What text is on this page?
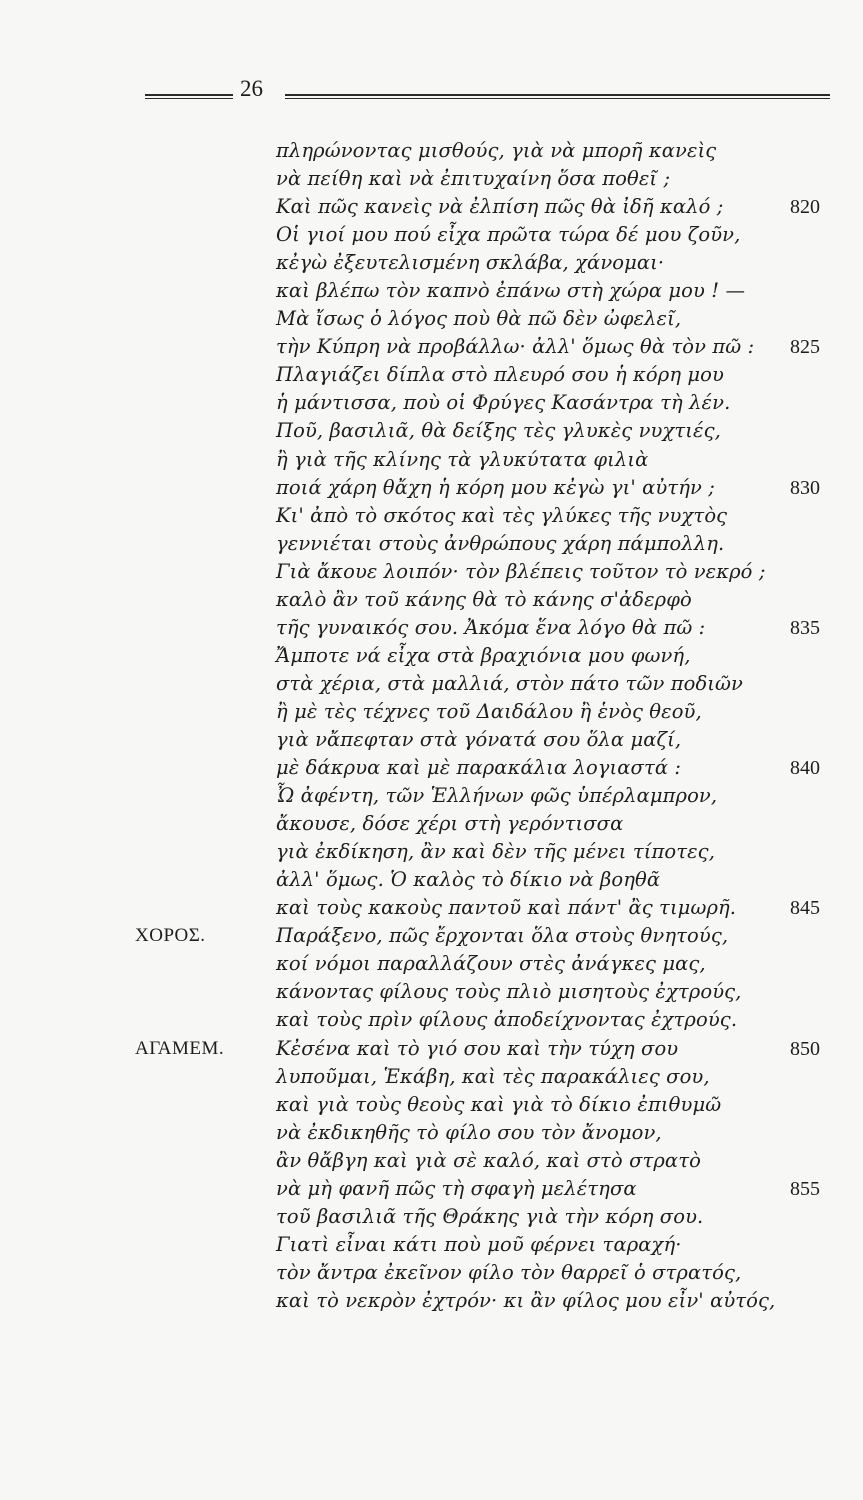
26
πληρώνοντας μισθούς, γιὰ νὰ μπορῆ κανεὶς
νὰ πείθη καὶ νὰ ἐπιτυχαίνη ὅσα ποθεῖ ;
Καὶ πῶς κανεὶς νὰ ἐλπίση πῶς θὰ ἰδῆ καλό ;	820
Οἱ γιοί μου πού εἶχα πρῶτα τώρα δέ μου ζοῦν,
κἐγὼ ἐξευτελισμένη σκλάβα, χάνομαι·
καὶ βλέπω τὸν καπνὸ ἐπάνω στὴ χώρα μου ! —
Μὰ ἴσως ὁ λόγος ποὺ θὰ πῶ δὲν ὠφελεῖ,
τὴν Κύπρη νὰ προβάλλω· ἀλλ' ὅμως θὰ τὸν πῶ : 825
Πλαγιάζει δίπλα στὸ πλευρό σου ἡ κόρη μου
ἡ μάντισσα, ποὺ οἱ Φρύγες Κασάντρα τὴ λέν.
Ποῦ, βασιλιᾶ, θὰ δείξης τὲς γλυκὲς νυχτιές,
ἢ γιὰ τῆς κλίνης τὰ γλυκύτατα φιλιὰ
ποιά χάρη θἄχη ἡ κόρη μου κἐγὼ γι' αὐτήν ;	830
Κι' ἀπὸ τὸ σκότος καὶ τὲς γλύκες τῆς νυχτὸς
γεννιέται στοὺς ἀνθρώπους χάρη πάμπολλη.
Γιὰ ἄκουε λοιπόν· τὸν βλέπεις τοῦτον τὸ νεκρό ;
καλὸ ἂν τοῦ κάνης θὰ τὸ κάνης σ'ἀδερφὸ
τῆς γυναικός σου. Ἀκόμα ἕνα λόγο θὰ πῶ :	835
Ἄμποτε νά εἶχα στὰ βραχιόνια μου φωνή,
στὰ χέρια, στὰ μαλλιά, στὸν πάτο τῶν ποδιῶν
ἢ μὲ τὲς τέχνες τοῦ Δαιδάλου ἢ ἑνὸς θεοῦ,
γιὰ νἄπεφταν στὰ γόνατά σου ὅλα μαζί,
μὲ δάκρυα καὶ μὲ παρακάλια λογιαστά :	840
Ὦ ἀφέντη, τῶν Ἑλλήνων φῶς ὑπέρλαμπρον,
ἄκουσε, δόσε χέρι στὴ γερόντισσα
γιὰ ἐκδίκηση, ἂν καὶ δὲν τῆς μένει τίποτες,
ἀλλ' ὅμως. Ὁ καλὸς τὸ δίκιο νὰ βοηθᾶ
καὶ τοὺς κακοὺς παντοῦ καὶ πάντ' ἂς τιμωρῆ.	845
ΧΟΡΟΣ.	Παράξενο, πῶς ἔρχονται ὅλα στοὺς θνητούς,
κοί νόμοι παραλλάζουν στὲς ἀνάγκες μας,
κάνοντας φίλους τοὺς πλιὸ μισητοὺς ἐχτρούς,
καὶ τοὺς πρὶν φίλους ἀποδείχνοντας ἐχτρούς.
ΑΓΑΜΕΜ.	Κἐσένα καὶ τὸ γιό σου καὶ τὴν τύχη σου	850
λυποῦμαι, Ἑκάβη, καὶ τὲς παρακάλιες σου,
καὶ γιὰ τοὺς θεοὺς καὶ γιὰ τὸ δίκιο ἐπιθυμῶ
νὰ ἐκδικηθῆς τὸ φίλο σου τὸν ἄνομον,
ἂν θἄβγη καὶ γιὰ σὲ καλό, καὶ στὸ στρατὸ
νὰ μὴ φανῆ πῶς τὴ σφαγὴ μελέτησα	855
τοῦ βασιλιᾶ τῆς Θράκης γιὰ τὴν κόρη σου.
Γιατὶ εἶναι κάτι ποὺ μοῦ φέρνει ταραχή·
τὸν ἄντρα ἐκεῖνον φίλο τὸν θαρρεῖ ὁ στρατός,
καὶ τὸ νεκρὸν ἐχτρόν· κι ἂν φίλος μου εἶν' αὐτός,
